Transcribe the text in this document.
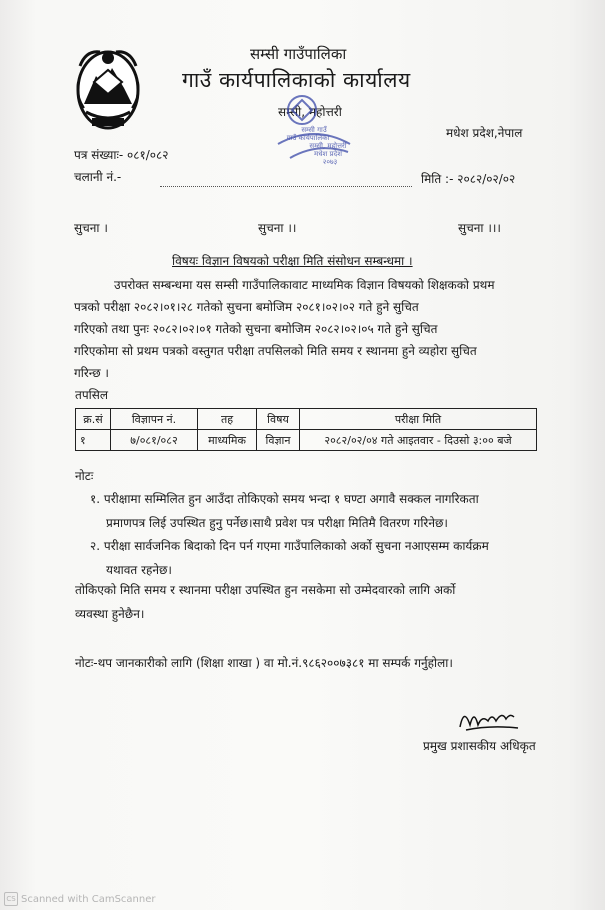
सम्सी गाउँपालिका
गाउँ कार्यपालिकाको कार्यालय
सम्सी, महोत्तरी
सम्सी गाउँ
गाउँ कार्यपालिका
सम्सी, महोत्तरी
मधेश प्रदेश
२०७३
मधेश प्रदेश,नेपाल
पत्र संख्याः- ०८१/०८२
चलानी नं.-	मिति :- २०८२/०२/०२
सुचना ।	सुचना ।।	सुचना ।।।
विषयः विज्ञान विषयको परीक्षा मिति संसोधन सम्बन्धमा ।
उपरोक्त सम्बन्धमा यस सम्सी गाउँपालिकावाट माध्यमिक विज्ञान विषयको शिक्षकको प्रथम
पत्रको परीक्षा २०८२।०१।२८ गतेको सुचना बमोजिम २०८१।०२।०२ गते हुने सुचित
गरिएको तथा पुनः २०८२।०२।०१ गतेको सुचना बमोजिम २०८२।०२।०५ गते हुने सुचित
गरिएकोमा सो प्रथम पत्रको वस्तुगत परीक्षा तपसिलको मिति समय र स्थानमा हुने व्यहोरा सुचित
गरिन्छ ।
तपसिल
क्र.सं	विज्ञापन नं.	तह	विषय	परीक्षा मिति
१	७/०८१/०८२	माध्यमिक	विज्ञान	२०८२/०२/०४ गते आइतवार - दिउसो ३:०० बजे
नोटः
१. परीक्षामा सम्मिलित हुन आउँदा तोकिएको समय भन्दा १ घण्टा अगावै सक्कल नागरिकता
प्रमाणपत्र लिई उपस्थित हुनु पर्नेछ।साथै प्रवेश पत्र परीक्षा मितिमै वितरण गरिनेछ।
२. परीक्षा सार्वजनिक बिदाको दिन पर्न गएमा गाउँपालिकाको अर्को सुचना नआएसम्म कार्यक्रम
यथावत रहनेछ।
तोकिएको मिति समय र स्थानमा परीक्षा उपस्थित हुन नसकेमा सो उम्मेदवारको लागि अर्को
व्यवस्था हुनेछैन।
नोटः-थप जानकारीको लागि (शिक्षा शाखा ) वा मो.नं.९८६२००७३८१ मा सम्पर्क गर्नुहोला।
प्रमुख प्रशासकीय अधिकृत
CS Scanned with CamScanner
